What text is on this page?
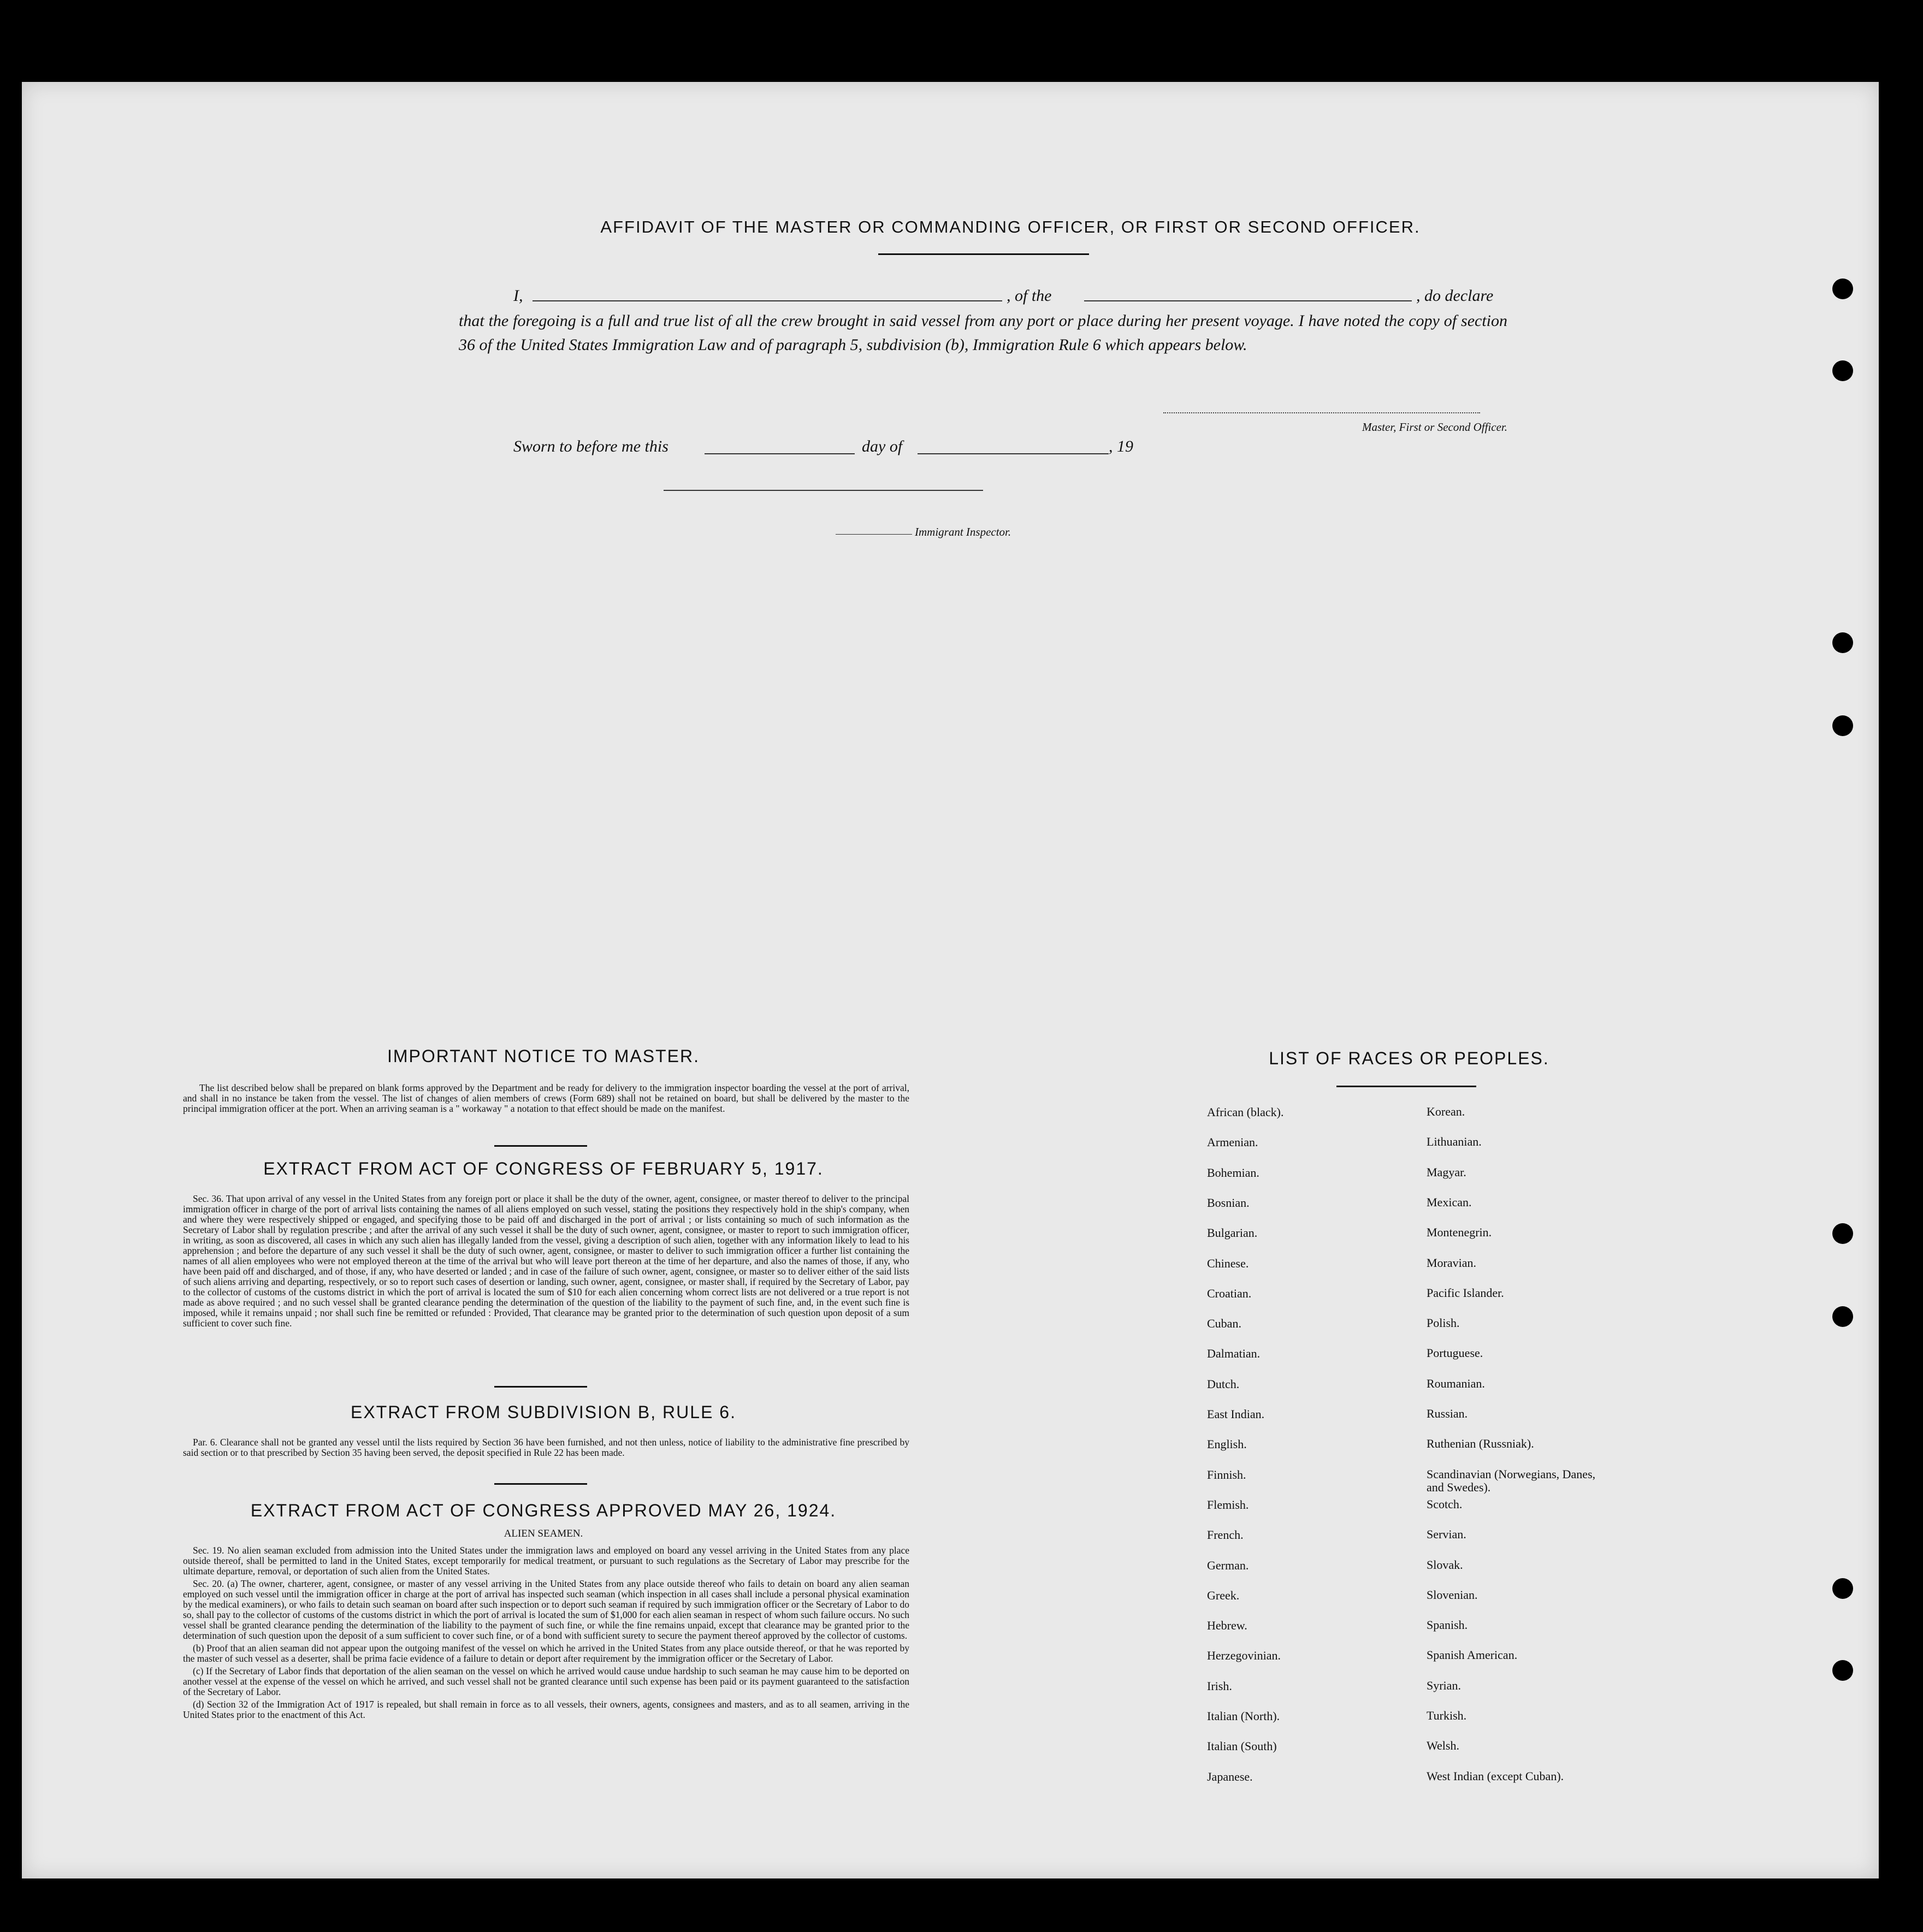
AFFIDAVIT OF THE MASTER OR COMMANDING OFFICER, OR FIRST OR SECOND OFFICER.
I,	, of the	, do declare
that the foregoing is a full and true list of all the crew brought in said vessel from any port or place during her present voyage. I have noted the copy of section 36 of the United States Immigration Law and of paragraph 5, subdivision (b), Immigration Rule 6 which appears below.
Master, First or Second Officer.
Sworn to before me this	day of	, 19
Immigrant Inspector.
IMPORTANT NOTICE TO MASTER.
The list described below shall be prepared on blank forms approved by the Department and be ready for delivery to the immigration inspector boarding the vessel at the port of arrival, and shall in no instance be taken from the vessel. The list of changes of alien members of crews (Form 689) shall not be retained on board, but shall be delivered by the master to the principal immigration officer at the port. When an arriving seaman is a " workaway " a notation to that effect should be made on the manifest.
EXTRACT FROM ACT OF CONGRESS OF FEBRUARY 5, 1917.
Sec. 36. That upon arrival of any vessel in the United States from any foreign port or place it shall be the duty of the owner, agent, consignee, or master thereof to deliver to the principal immigration officer in charge of the port of arrival lists containing the names of all aliens employed on such vessel, stating the positions they respectively hold in the ship's company, when and where they were respectively shipped or engaged, and specifying those to be paid off and discharged in the port of arrival ; or lists containing so much of such information as the Secretary of Labor shall by regulation prescribe ; and after the arrival of any such vessel it shall be the duty of such owner, agent, consignee, or master to report to such immigration officer, in writing, as soon as discovered, all cases in which any such alien has illegally landed from the vessel, giving a description of such alien, together with any information likely to lead to his apprehension ; and before the departure of any such vessel it shall be the duty of such owner, agent, consignee, or master to deliver to such immigration officer a further list containing the names of all alien employees who were not employed thereon at the time of the arrival but who will leave port thereon at the time of her departure, and also the names of those, if any, who have been paid off and discharged, and of those, if any, who have deserted or landed ; and in case of the failure of such owner, agent, consignee, or master so to deliver either of the said lists of such aliens arriving and departing, respectively, or so to report such cases of desertion or landing, such owner, agent, consignee, or master shall, if required by the Secretary of Labor, pay to the collector of customs of the customs district in which the port of arrival is located the sum of $10 for each alien concerning whom correct lists are not delivered or a true report is not made as above required ; and no such vessel shall be granted clearance pending the determination of the question of the liability to the payment of such fine, and, in the event such fine is imposed, while it remains unpaid ; nor shall such fine be remitted or refunded : Provided, That clearance may be granted prior to the determination of such question upon deposit of a sum sufficient to cover such fine.
EXTRACT FROM SUBDIVISION B, RULE 6.
Par. 6. Clearance shall not be granted any vessel until the lists required by Section 36 have been furnished, and not then unless, notice of liability to the administrative fine prescribed by said section or to that prescribed by Section 35 having been served, the deposit specified in Rule 22 has been made.
EXTRACT FROM ACT OF CONGRESS APPROVED MAY 26, 1924.
ALIEN SEAMEN.
Sec. 19. No alien seaman excluded from admission into the United States under the immigration laws and employed on board any vessel arriving in the United States from any place outside thereof, shall be permitted to land in the United States, except temporarily for medical treatment, or pursuant to such regulations as the Secretary of Labor may prescribe for the ultimate departure, removal, or deportation of such alien from the United States.
Sec. 20. (a) The owner, charterer, agent, consignee, or master of any vessel arriving in the United States from any place outside thereof who fails to detain on board any alien seaman employed on such vessel until the immigration officer in charge at the port of arrival has inspected such seaman (which inspection in all cases shall include a personal physical examination by the medical examiners), or who fails to detain such seaman on board after such inspection or to deport such seaman if required by such immigration officer or the Secretary of Labor to do so, shall pay to the collector of customs of the customs district in which the port of arrival is located the sum of $1,000 for each alien seaman in respect of whom such failure occurs. No such vessel shall be granted clearance pending the determination of the liability to the payment of such fine, or while the fine remains unpaid, except that clearance may be granted prior to the determination of such question upon the deposit of a sum sufficient to cover such fine, or of a bond with sufficient surety to secure the payment thereof approved by the collector of customs.
(b) Proof that an alien seaman did not appear upon the outgoing manifest of the vessel on which he arrived in the United States from any place outside thereof, or that he was reported by the master of such vessel as a deserter, shall be prima facie evidence of a failure to detain or deport after requirement by the immigration officer or the Secretary of Labor.
(c) If the Secretary of Labor finds that deportation of the alien seaman on the vessel on which he arrived would cause undue hardship to such seaman he may cause him to be deported on another vessel at the expense of the vessel on which he arrived, and such vessel shall not be granted clearance until such expense has been paid or its payment guaranteed to the satisfaction of the Secretary of Labor.
(d) Section 32 of the Immigration Act of 1917 is repealed, but shall remain in force as to all vessels, their owners, agents, consignees and masters, and as to all seamen, arriving in the United States prior to the enactment of this Act.
LIST OF RACES OR PEOPLES.
African (black).
Armenian.
Bohemian.
Bosnian.
Bulgarian.
Chinese.
Croatian.
Cuban.
Dalmatian.
Dutch.
East Indian.
English.
Finnish.
Flemish.
French.
German.
Greek.
Hebrew.
Herzegovinian.
Irish.
Italian (North).
Italian (South)
Japanese.
Korean.
Lithuanian.
Magyar.
Mexican.
Montenegrin.
Moravian.
Pacific Islander.
Polish.
Portuguese.
Roumanian.
Russian.
Ruthenian (Russniak).
Scandinavian (Norwegians, Danes, and Swedes).
Scotch.
Servian.
Slovak.
Slovenian.
Spanish.
Spanish American.
Syrian.
Turkish.
Welsh.
West Indian (except Cuban).
